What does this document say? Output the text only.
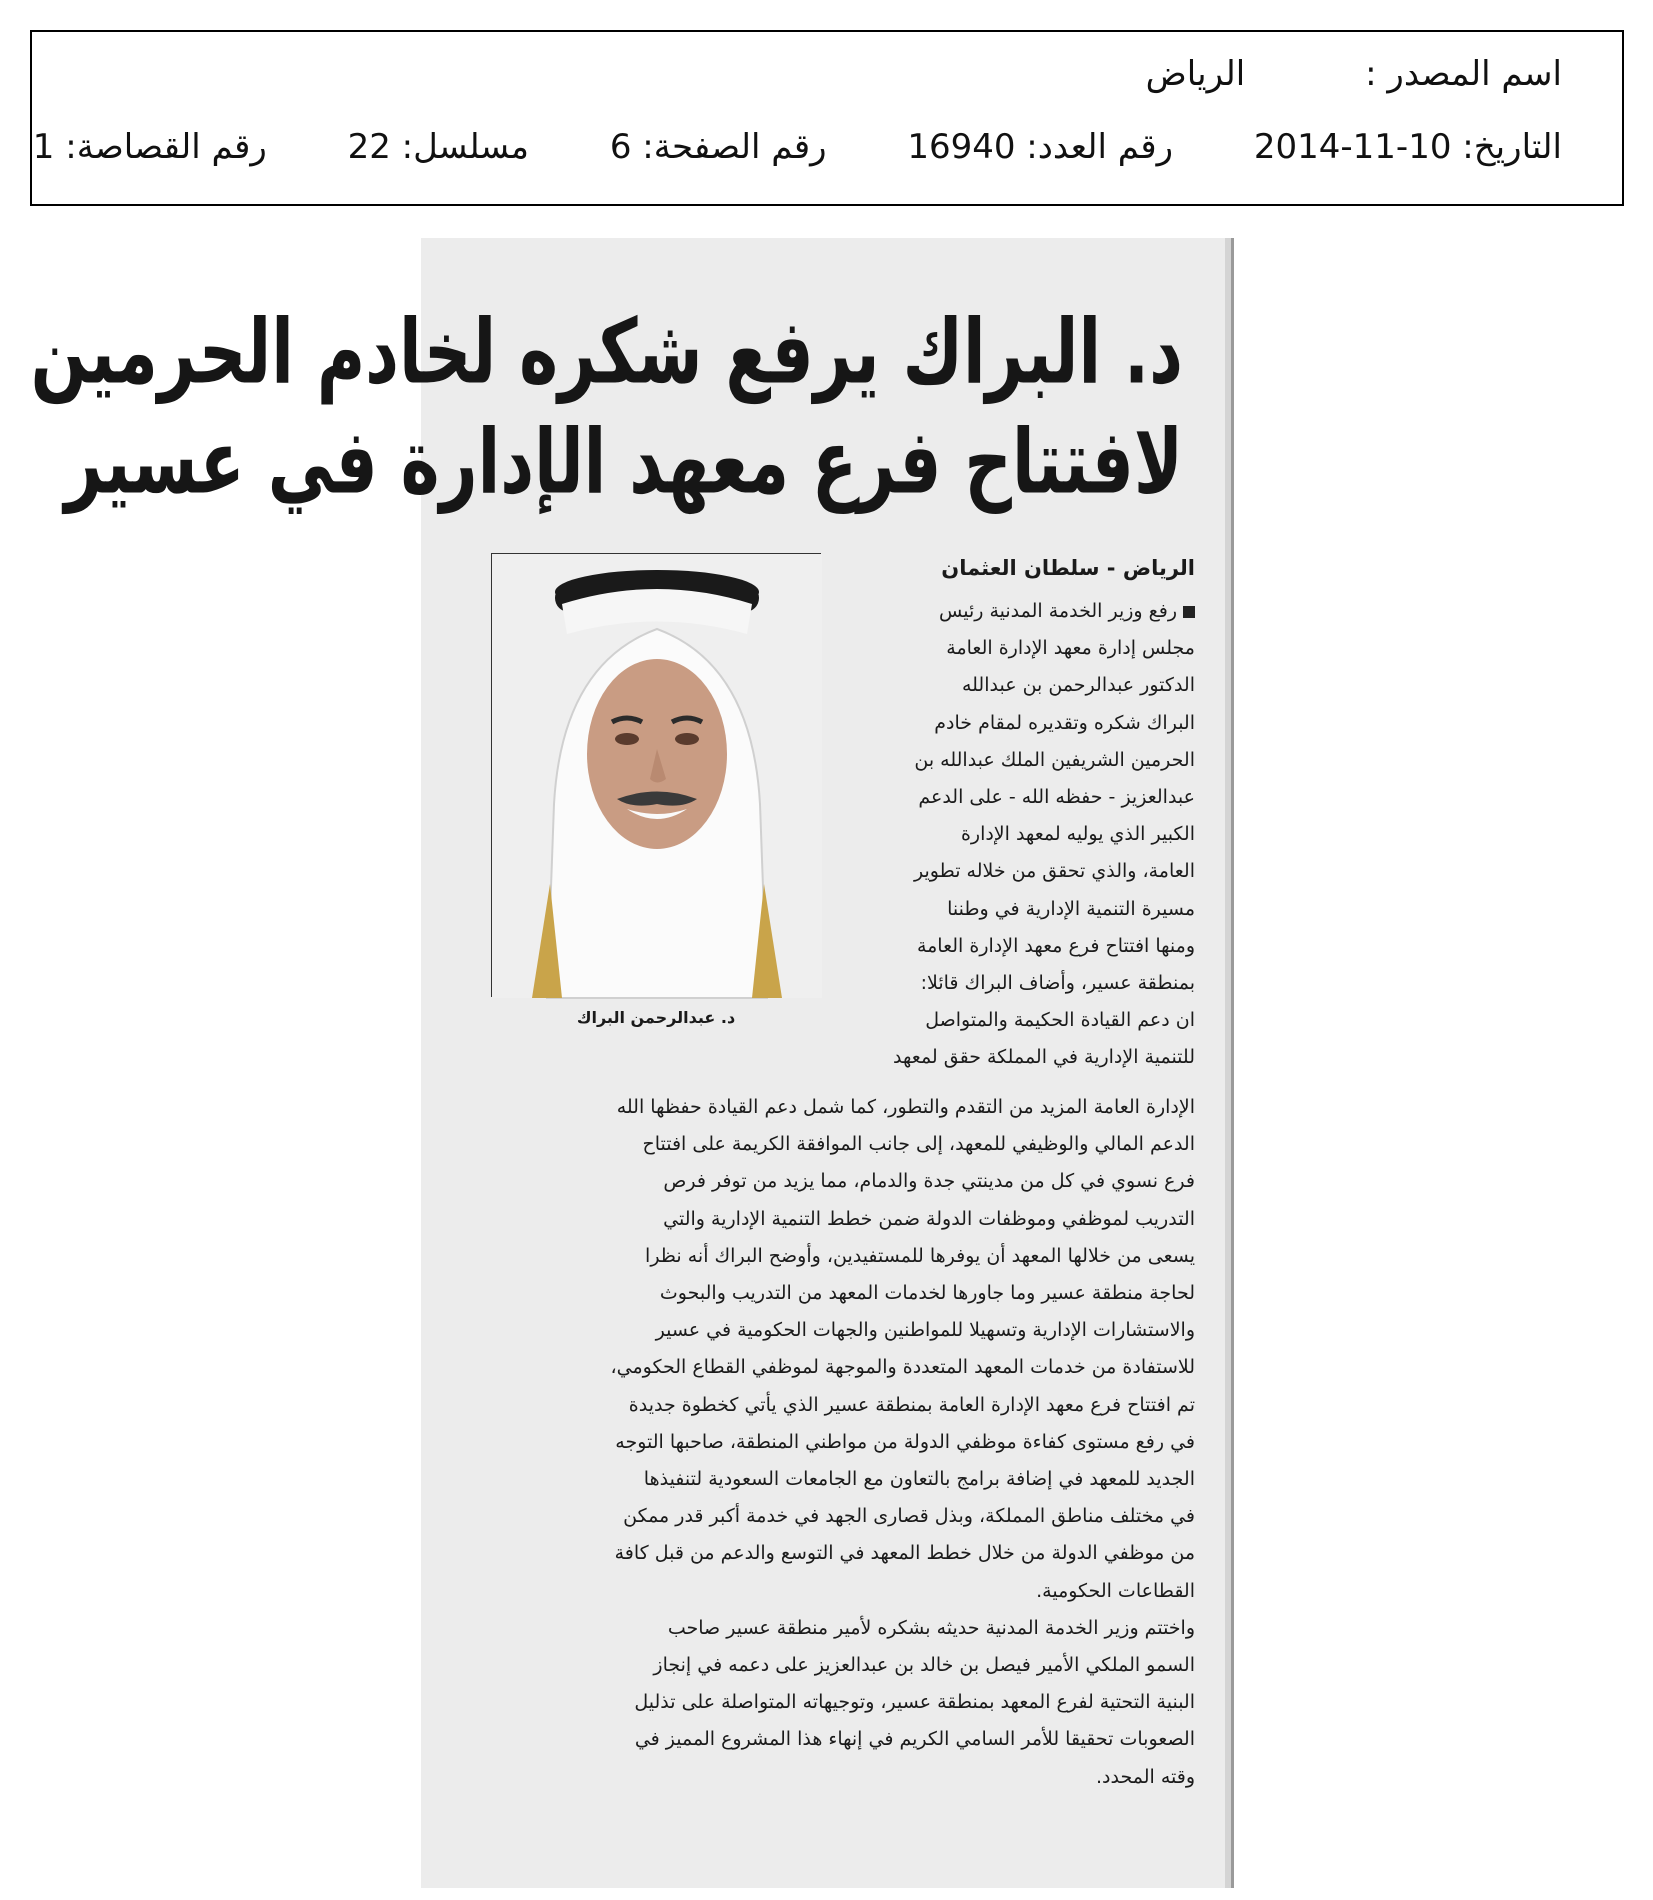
اسم المصدر :الرياض
التاريخ: 2014-11-10 رقم العدد: 16940 رقم الصفحة: 6 مسلسل: 22 رقم القصاصة: 1
د. البراك يرفع شكره لخادم الحرمين
لافتتاح فرع معهد الإدارة في عسير
الرياض - سلطان العثمان
د. عبدالرحمن البراك
رفع وزير الخدمة المدنية رئيس
مجلس إدارة معهد الإدارة العامة
الدكتور عبدالرحمن بن عبدالله
البراك شكره وتقديره لمقام خادم
الحرمين الشريفين الملك عبدالله بن
عبدالعزيز - حفظه الله - على الدعم
الكبير الذي يوليه لمعهد الإدارة
العامة، والذي تحقق من خلاله تطوير
مسيرة التنمية الإدارية في وطننا
ومنها افتتاح فرع معهد الإدارة العامة
بمنطقة عسير، وأضاف البراك قائلا:
ان دعم القيادة الحكيمة والمتواصل
للتنمية الإدارية في المملكة حقق لمعهد
الإدارة العامة المزيد من التقدم والتطور، كما شمل دعم القيادة حفظها الله
الدعم المالي والوظيفي للمعهد، إلى جانب الموافقة الكريمة على افتتاح
فرع نسوي في كل من مدينتي جدة والدمام، مما يزيد من توفر فرص
التدريب لموظفي وموظفات الدولة ضمن خطط التنمية الإدارية والتي
يسعى من خلالها المعهد أن يوفرها للمستفيدين، وأوضح البراك أنه نظرا
لحاجة منطقة عسير وما جاورها لخدمات المعهد من التدريب والبحوث
والاستشارات الإدارية وتسهيلا للمواطنين والجهات الحكومية في عسير
للاستفادة من خدمات المعهد المتعددة والموجهة لموظفي القطاع الحكومي،
تم افتتاح فرع معهد الإدارة العامة بمنطقة عسير الذي يأتي كخطوة جديدة
في رفع مستوى كفاءة موظفي الدولة من مواطني المنطقة، صاحبها التوجه
الجديد للمعهد في إضافة برامج بالتعاون مع الجامعات السعودية لتنفيذها
في مختلف مناطق المملكة، وبذل قصارى الجهد في خدمة أكبر قدر ممكن
من موظفي الدولة من خلال خطط المعهد في التوسع والدعم من قبل كافة
القطاعات الحكومية.
واختتم وزير الخدمة المدنية حديثه بشكره لأمير منطقة عسير صاحب
السمو الملكي الأمير فيصل بن خالد بن عبدالعزيز على دعمه في إنجاز
البنية التحتية لفرع المعهد بمنطقة عسير، وتوجيهاته المتواصلة على تذليل
الصعوبات تحقيقا للأمر السامي الكريم في إنهاء هذا المشروع المميز في
وقته المحدد.
